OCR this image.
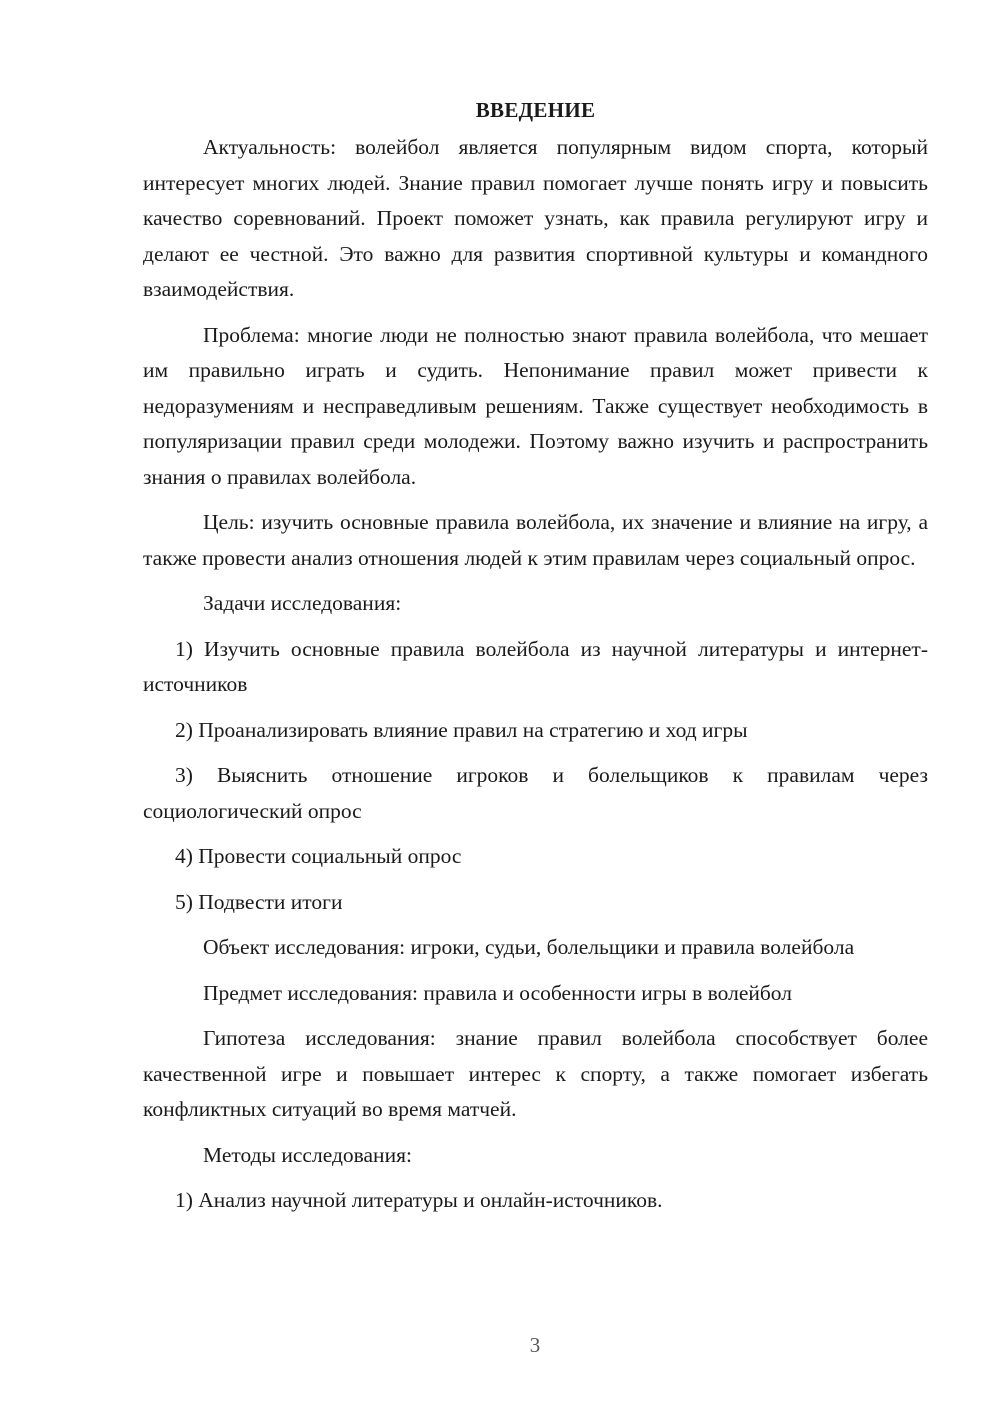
ВВЕДЕНИЕ

Актуальность: волейбол является популярным видом спорта, который интересует многих людей. Знание правил помогает лучше понять игру и повысить качество соревнований. Проект поможет узнать, как правила регулируют игру и делают ее честной. Это важно для развития спортивной культуры и командного взаимодействия.

Проблема: многие люди не полностью знают правила волейбола, что мешает им правильно играть и судить. Непонимание правил может привести к недоразумениям и несправедливым решениям. Также существует необходимость в популяризации правил среди молодежи. Поэтому важно изучить и распространить знания о правилах волейбола.

Цель: изучить основные правила волейбола, их значение и влияние на игру, а также провести анализ отношения людей к этим правилам через социальный опрос.

Задачи исследования:

1) Изучить основные правила волейбола из научной литературы и интернет-источников

2) Проанализировать влияние правил на стратегию и ход игры

3) Выяснить отношение игроков и болельщиков к правилам через социологический опрос

4) Провести социальный опрос

5) Подвести итоги

Объект исследования: игроки, судьи, болельщики и правила волейбола

Предмет исследования: правила и особенности игры в волейбол

Гипотеза исследования: знание правил волейбола способствует более качественной игре и повышает интерес к спорту, а также помогает избегать конфликтных ситуаций во время матчей.

Методы исследования:

1) Анализ научной литературы и онлайн-источников.

3
